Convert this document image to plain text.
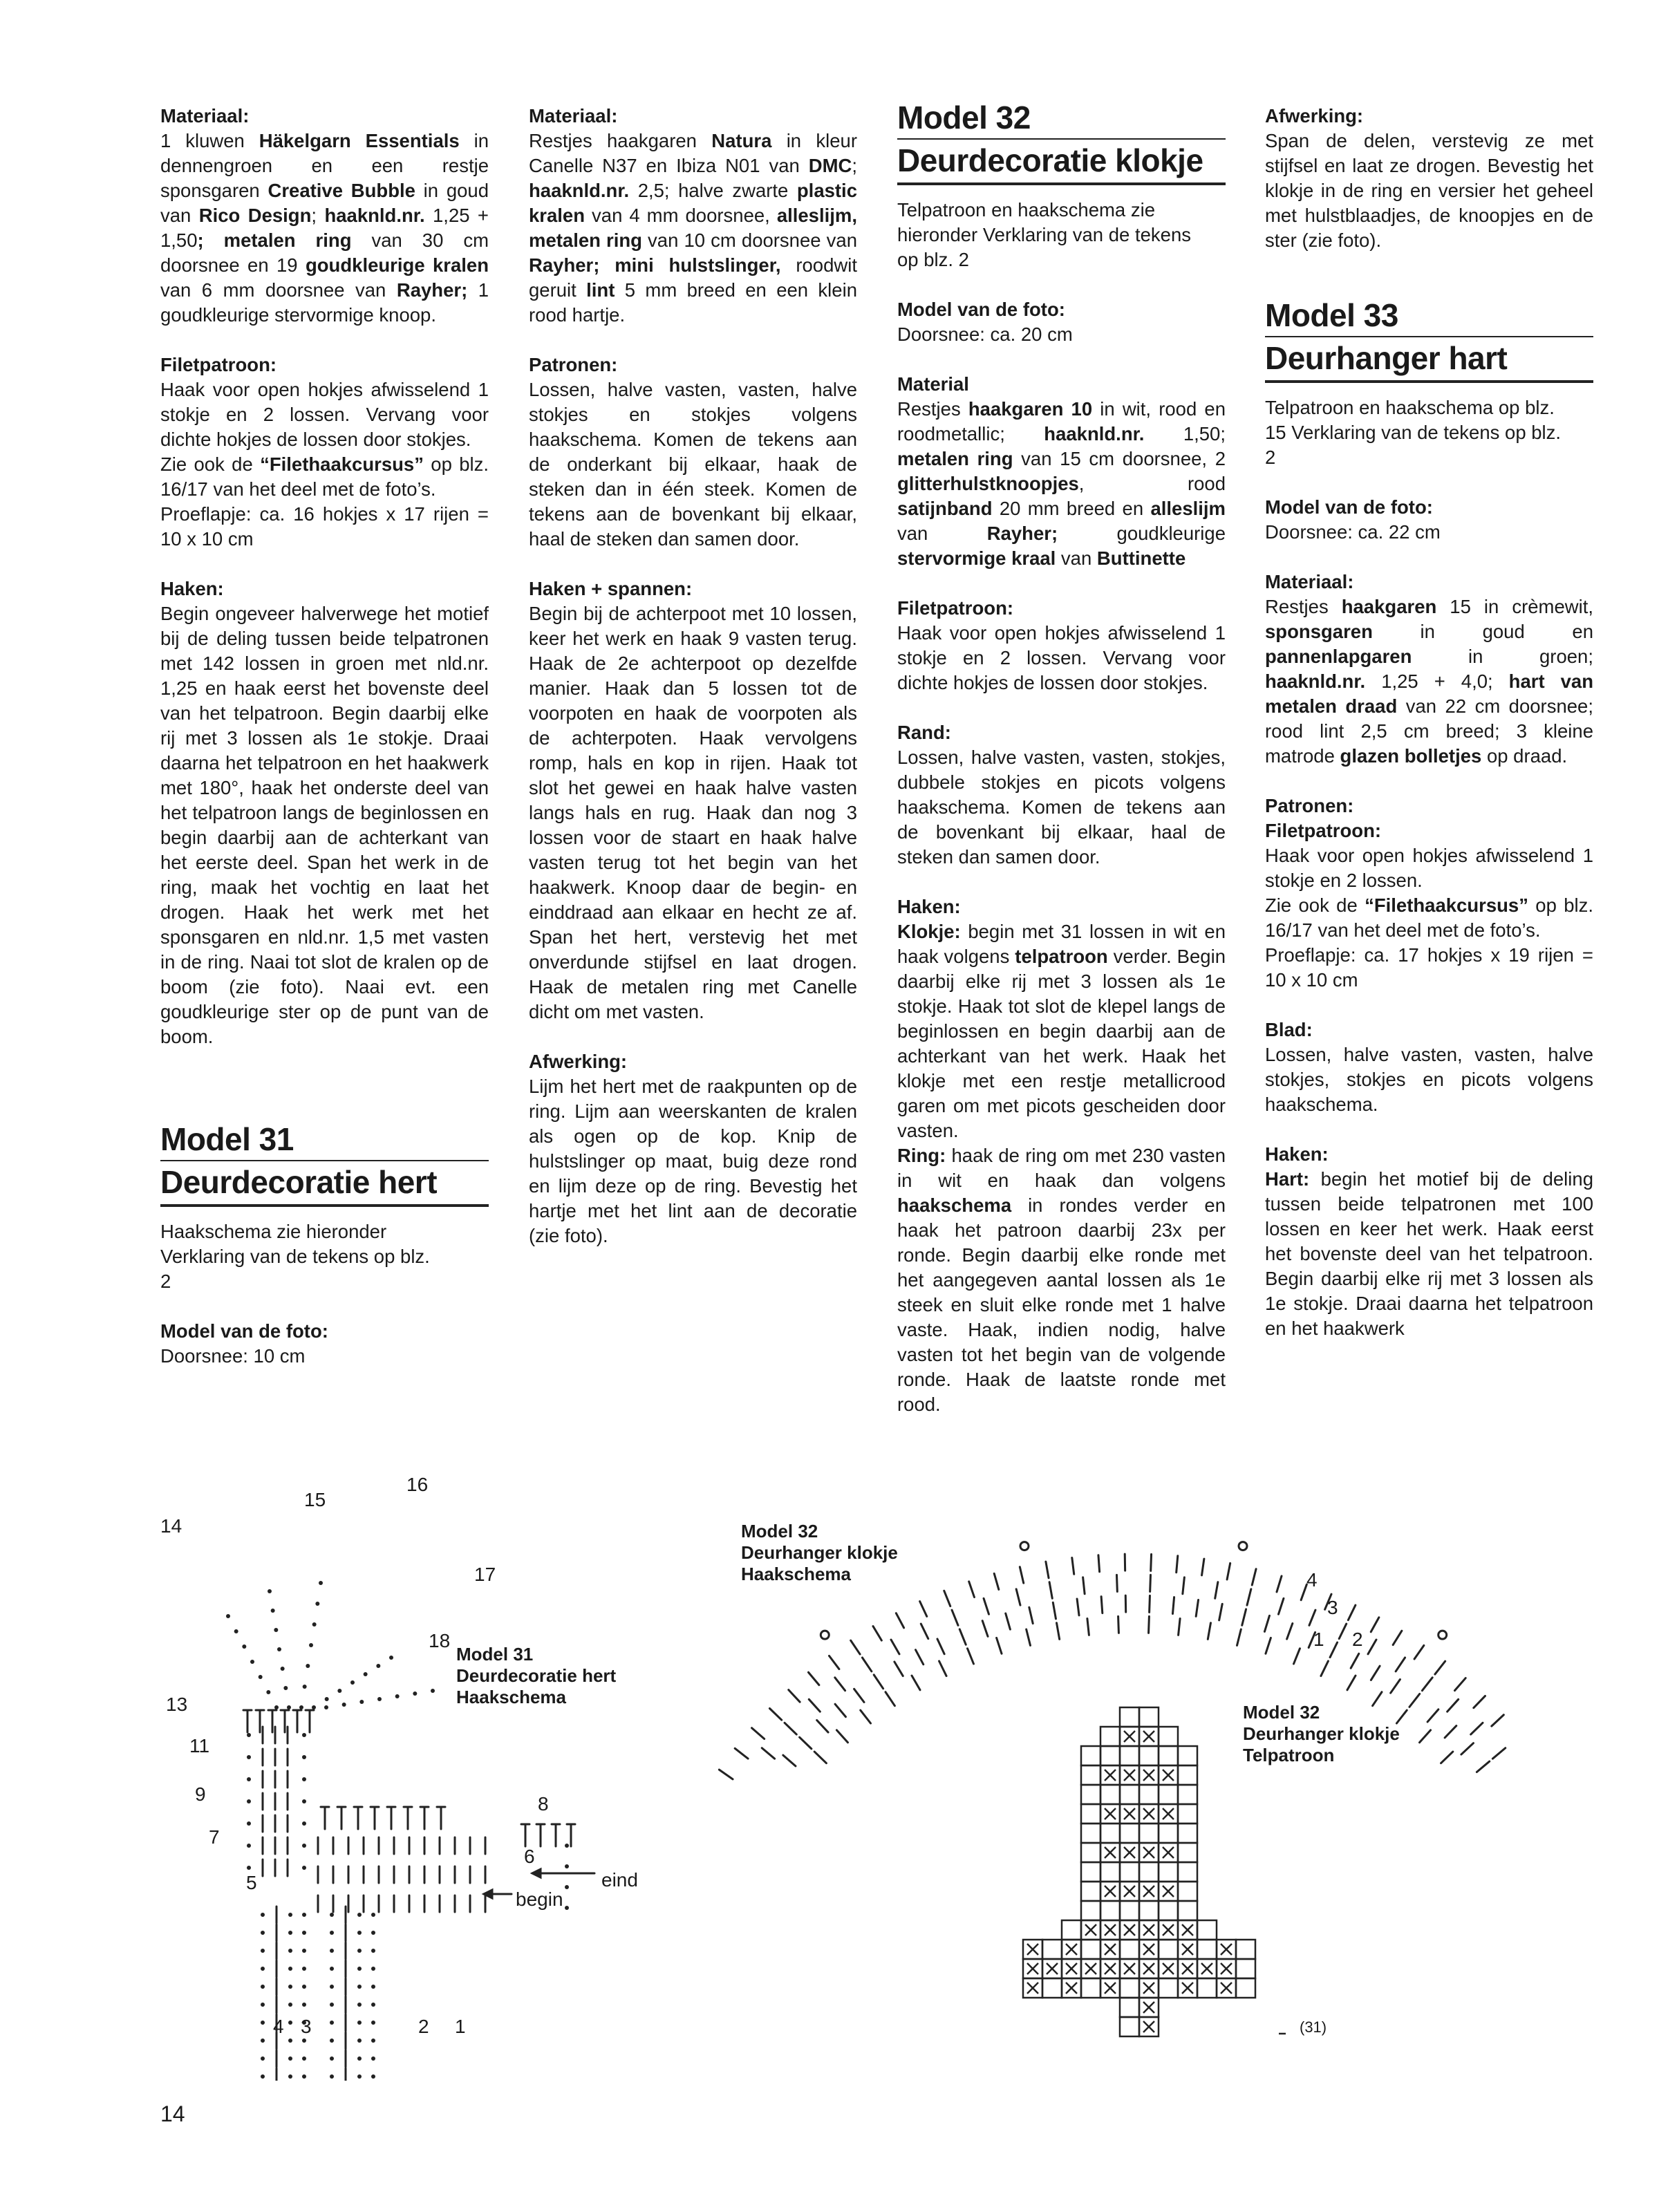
Materiaal:
1 kluwen Häkelgarn Essentials in dennengroen en een restje sponsgaren Creative Bubble in goud van Rico Design; haaknld.nr. 1,25 + 1,50; metalen ring van 30 cm doorsnee en 19 goudkleurige kralen van 6 mm doorsnee van Rayher; 1 goudkleurige stervormige knoop.

Filetpatroon:
Haak voor open hokjes afwisselend 1 stokje en 2 lossen. Vervang voor dichte hokjes de lossen door stokjes.
Zie ook de “Filethaakcursus” op blz. 16/17 van het deel met de foto’s.
Proeflapje: ca. 16 hokjes x 17 rijen = 10 x 10 cm

Haken:
Begin ongeveer halverwege het motief bij de deling tussen beide telpatronen met 142 lossen in groen met nld.nr. 1,25 en haak eerst het bovenste deel van het telpatroon. Begin daarbij elke rij met 3 lossen als 1e stokje. Draai daarna het telpatroon en het haakwerk met 180°, haak het onderste deel van het telpatroon langs de beginlossen en begin daarbij aan de achterkant van het eerste deel. Span het werk in de ring, maak het vochtig en laat het drogen. Haak het werk met het sponsgaren en nld.nr. 1,5 met vasten in de ring. Naai tot slot de kralen op de boom (zie foto). Naai evt. een goudkleurige ster op de punt van de boom.

Model 31
Deurdecoratie hert

Haakschema zie hieronder Verklaring van de tekens op blz. 2

Model van de foto:
Doorsnee: 10 cm

Materiaal:
Restjes haakgaren Natura in kleur Canelle N37 en Ibiza N01 van DMC; haaknld.nr. 2,5; halve zwarte plastic kralen van 4 mm doorsnee, alleslijm, metalen ring van 10 cm doorsnee van Rayher; mini hulstslinger, roodwit geruit lint 5 mm breed en een klein rood hartje.

Patronen:
Lossen, halve vasten, vasten, halve stokjes en stokjes volgens haakschema. Komen de tekens aan de onderkant bij elkaar, haak de steken dan in één steek. Komen de tekens aan de bovenkant bij elkaar, haal de steken dan samen door.

Haken + spannen:
Begin bij de achterpoot met 10 lossen, keer het werk en haak 9 vasten terug. Haak de 2e achterpoot op dezelfde manier. Haak dan 5 lossen tot de voorpoten en haak de voorpoten als de achterpoten. Haak vervolgens romp, hals en kop in rijen. Haak tot slot het gewei en haak halve vasten langs hals en rug. Haak dan nog 3 lossen voor de staart en haak halve vasten terug tot het begin van het haakwerk. Knoop daar de begin- en einddraad aan elkaar en hecht ze af. Span het hert, verstevig het met onverdunde stijfsel en laat drogen. Haak de metalen ring met Canelle dicht om met vasten.

Afwerking:
Lijm het hert met de raakpunten op de ring. Lijm aan weerskanten de kralen als ogen op de kop. Knip de hulstslinger op maat, buig deze rond en lijm deze op de ring. Bevestig het hartje met het lint aan de decoratie (zie foto).

Model 32
Deurdecoratie klokje

Telpatroon en haakschema zie hieronder Verklaring van de tekens op blz. 2

Model van de foto:
Doorsnee: ca. 20 cm

Material
Restjes haakgaren 10 in wit, rood en roodmetallic; haaknld.nr. 1,50; metalen ring van 15 cm doorsnee, 2 glitterhulstknoopjes, rood satijnband 20 mm breed en alleslijm van Rayher; goudkleurige stervormige kraal van Buttinette

Filetpatroon:
Haak voor open hokjes afwisselend 1 stokje en 2 lossen. Vervang voor dichte hokjes de lossen door stokjes.

Rand:
Lossen, halve vasten, vasten, stokjes, dubbele stokjes en picots volgens haakschema. Komen de tekens aan de bovenkant bij elkaar, haal de steken dan samen door.

Haken:
Klokje: begin met 31 lossen in wit en haak volgens telpatroon verder. Begin daarbij elke rij met 3 lossen als 1e stokje. Haak tot slot de klepel langs de beginlossen en begin daarbij aan de achterkant van het werk. Haak het klokje met een restje metallicrood garen om met picots gescheiden door vasten.
Ring: haak de ring om met 230 vasten in wit en haak dan volgens haakschema in rondes verder en haak het patroon daarbij 23x per ronde. Begin daarbij elke ronde met het aangegeven aantal lossen als 1e steek en sluit elke ronde met 1 halve vaste. Haak, indien nodig, halve vasten tot het begin van de volgende ronde. Haak de laatste ronde met rood.

Afwerking:
Span de delen, verstevig ze met stijfsel en laat ze drogen. Bevestig het klokje in de ring en versier het geheel met hulstblaadjes, de knoopjes en de ster (zie foto).

Model 33
Deurhanger hart

Telpatroon en haakschema op blz. 15 Verklaring van de tekens op blz. 2

Model van de foto:
Doorsnee: ca. 22 cm

Materiaal:
Restjes haakgaren 15 in crèmewit, sponsgaren in goud en pannenlapgaren in groen; haaknld.nr. 1,25 + 4,0; hart van metalen draad van 22 cm doorsnee; rood lint 2,5 cm breed; 3 kleine matrode glazen bolletjes op draad.

Patronen:
Filetpatroon:
Haak voor open hokjes afwisselend 1 stokje en 2 lossen.
Zie ook de “Filethaakcursus” op blz. 16/17 van het deel met de foto’s.
Proeflapje: ca. 17 hokjes x 19 rijen = 10 x 10 cm

Blad:
Lossen, halve vasten, vasten, halve stokjes, stokjes en picots volgens haakschema.

Haken:
Hart: begin het motief bij de deling tussen beide telpatronen met 100 lossen en keer het werk. Haak eerst het bovenste deel van het telpatroon. Begin daarbij elke rij met 3 lossen als 1e stokje. Draai daarna het telpatroon en het haakwerk

Model 31
Deurdecoratie hert
Haakschema
14
15
16
17
18
13
11
9
7
5
8
6
4 3	2 1
eind
begin
Model 32
Deurhanger klokje
Haakschema	4
3
1 2
Model 32
Deurhanger klokje
Telpatroon
(31)
14
